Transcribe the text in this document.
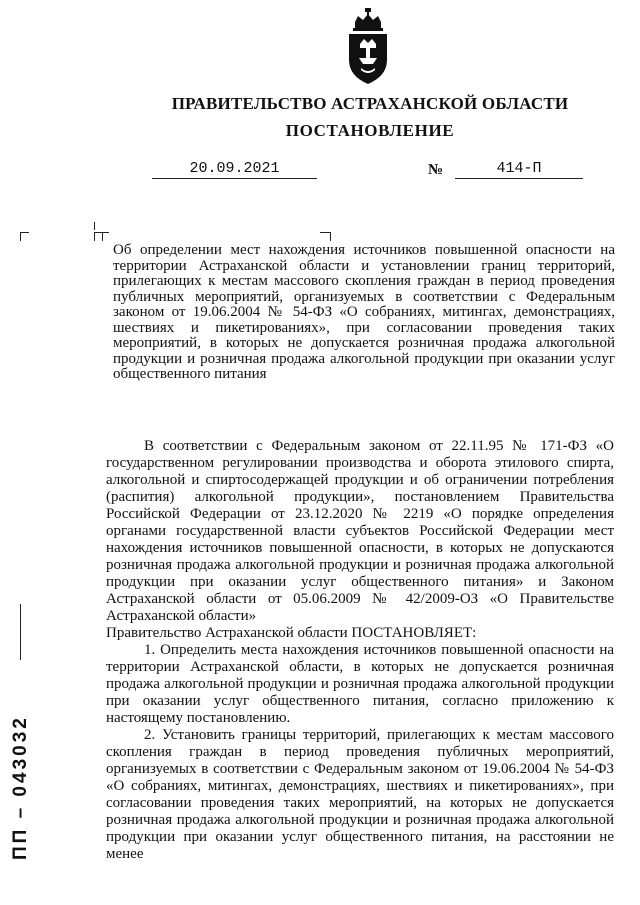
ПРАВИТЕЛЬСТВО АСТРАХАНСКОЙ ОБЛАСТИ
ПОСТАНОВЛЕНИЕ
20.09.2021	№	414-П
Об определении мест нахождения источников повышенной опасности на территории Астраханской области и установлении границ территорий, прилегающих к местам массового скопления граждан в период проведения публичных мероприятий, организуемых в соответствии с Федеральным законом от 19.06.2004 № 54-ФЗ «О собраниях, митингах, демонстрациях, шествиях и пикетированиях», при согласовании проведения таких мероприятий, в которых не допускается розничная продажа алкогольной продукции и розничная продажа алкогольной продукции при оказании услуг общественного питания

В соответствии с Федеральным законом от 22.11.95 № 171-ФЗ «О государственном регулировании производства и оборота этилового спирта, алкогольной и спиртосодержащей продукции и об ограничении потребления (распития) алкогольной продукции», постановлением Правительства Российской Федерации от 23.12.2020 № 2219 «О порядке определения органами государственной власти субъектов Российской Федерации мест нахождения источников повышенной опасности, в которых не допускаются розничная продажа алкогольной продукции и розничная продажа алкогольной продукции при оказании услуг общественного питания» и Законом Астраханской области от 05.06.2009 № 42/2009-ОЗ «О Правительстве Астраханской области»

Правительство Астраханской области ПОСТАНОВЛЯЕТ:

1. Определить места нахождения источников повышенной опасности на территории Астраханской области, в которых не допускается розничная продажа алкогольной продукции и розничная продажа алкогольной продукции при оказании услуг общественного питания, согласно приложению к настоящему постановлению.

2. Установить границы территорий, прилегающих к местам массового скопления граждан в период проведения публичных мероприятий, организуемых в соответствии с Федеральным законом от 19.06.2004 № 54-ФЗ «О собраниях, митингах, демонстрациях, шествиях и пикетированиях», при согласовании проведения таких мероприятий, на которых не допускается розничная продажа алкогольной продукции и розничная продажа алкогольной продукции при оказании услуг общественного питания, на расстоянии не менее

ПП – 043032
